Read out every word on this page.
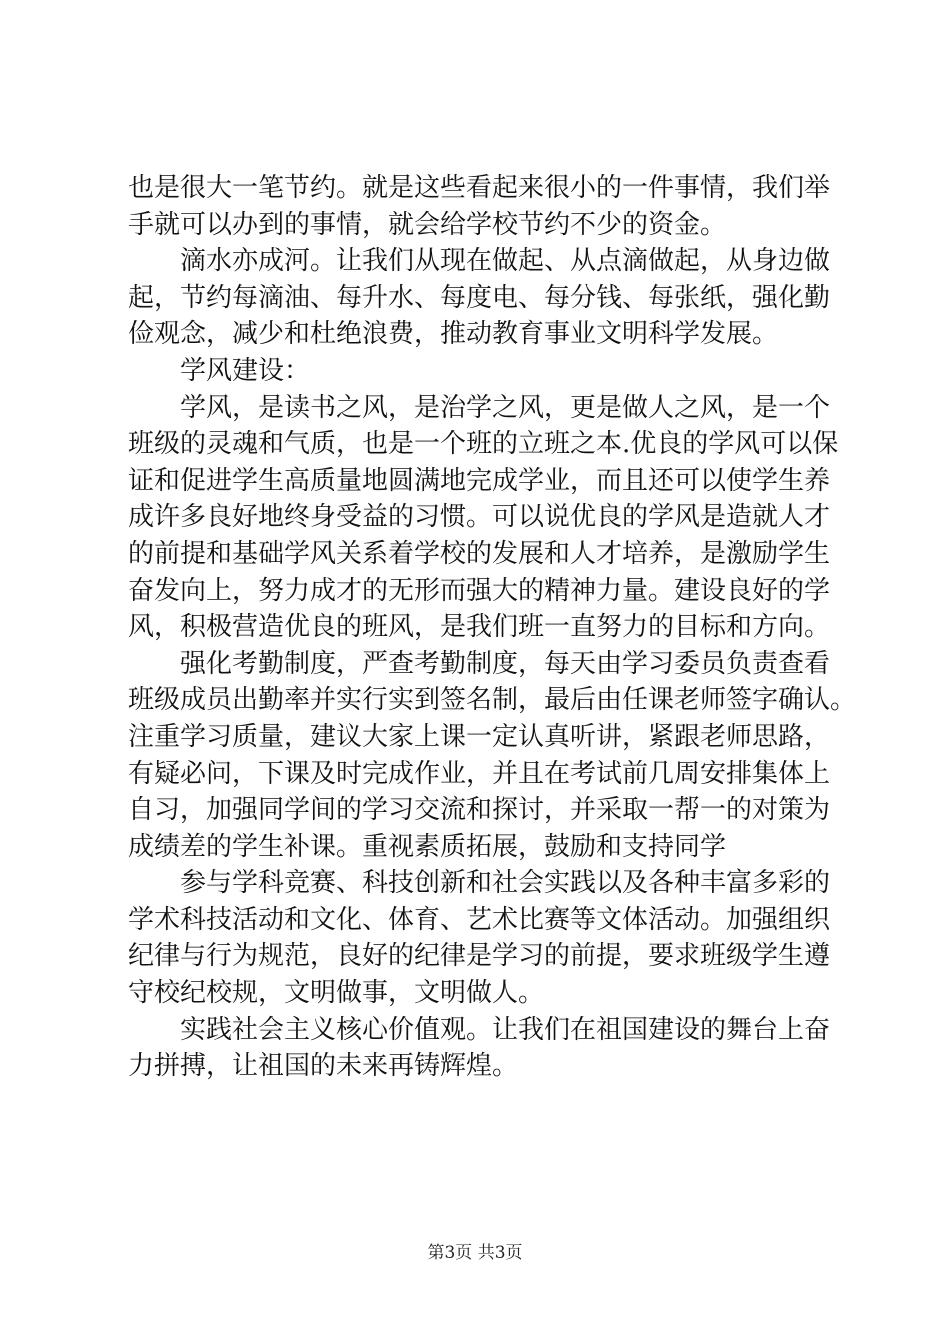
也是很大一笔节约。就是这些看起来很小的一件事情，我们举
手就可以办到的事情，就会给学校节约不少的资金。
滴水亦成河。让我们从现在做起、从点滴做起，从身边做
起，节约每滴油、每升水、每度电、每分钱、每张纸，强化勤
俭观念，减少和杜绝浪费，推动教育事业文明科学发展。
学风建设：
学风，是读书之风，是治学之风，更是做人之风，是一个
班级的灵魂和气质，也是一个班的立班之本.优良的学风可以保
证和促进学生高质量地圆满地完成学业，而且还可以使学生养
成许多良好地终身受益的习惯。可以说优良的学风是造就人才
的前提和基础学风关系着学校的发展和人才培养，是激励学生
奋发向上，努力成才的无形而强大的精神力量。建设良好的学
风，积极营造优良的班风，是我们班一直努力的目标和方向。
强化考勤制度，严查考勤制度，每天由学习委员负责查看
班级成员出勤率并实行实到签名制，最后由任课老师签字确认。
注重学习质量，建议大家上课一定认真听讲，紧跟老师思路，
有疑必问，下课及时完成作业，并且在考试前几周安排集体上
自习，加强同学间的学习交流和探讨，并采取一帮一的对策为
成绩差的学生补课。重视素质拓展，鼓励和支持同学
参与学科竞赛、科技创新和社会实践以及各种丰富多彩的
学术科技活动和文化、体育、艺术比赛等文体活动。加强组织
纪律与行为规范，良好的纪律是学习的前提，要求班级学生遵
守校纪校规，文明做事，文明做人。
实践社会主义核心价值观。让我们在祖国建设的舞台上奋
力拼搏，让祖国的未来再铸辉煌。
第3页 共3页
